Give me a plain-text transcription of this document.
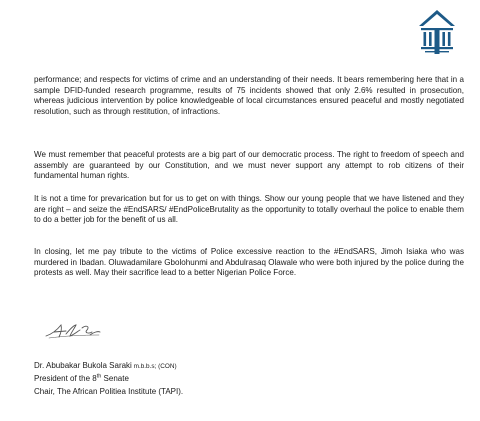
performance; and respects for victims of crime and an understanding of their needs. It bears remembering here that in a sample DFID-funded research programme, results of 75 incidents showed that only 2.6% resulted in prosecution, whereas judicious intervention by police knowledgeable of local circumstances ensured peaceful and mostly negotiated resolution, such as through restitution, of infractions.

We must remember that peaceful protests are a big part of our democratic process. The right to freedom of speech and assembly are guaranteed by our Constitution, and we must never support any attempt to rob citizens of their fundamental human rights.

It is not a time for prevarication but for us to get on with things. Show our young people that we have listened and they are right – and seize the #EndSARS/ #EndPoliceBrutality as the opportunity to totally overhaul the police to enable them to do a better job for the benefit of us all.

In closing, let me pay tribute to the victims of Police excessive reaction to the #EndSARS, Jimoh Isiaka who was murdered in Ibadan. Oluwadamilare Gbolohunmi and Abdulrasaq Olawale who were both injured by the police during the protests as well. May their sacrifice lead to a better Nigerian Police Force.

Dr. Abubakar Bukola Saraki m.b.b.s; (CON)
President of the 8th Senate
Chair, The African Politiea Institute (TAPI).
